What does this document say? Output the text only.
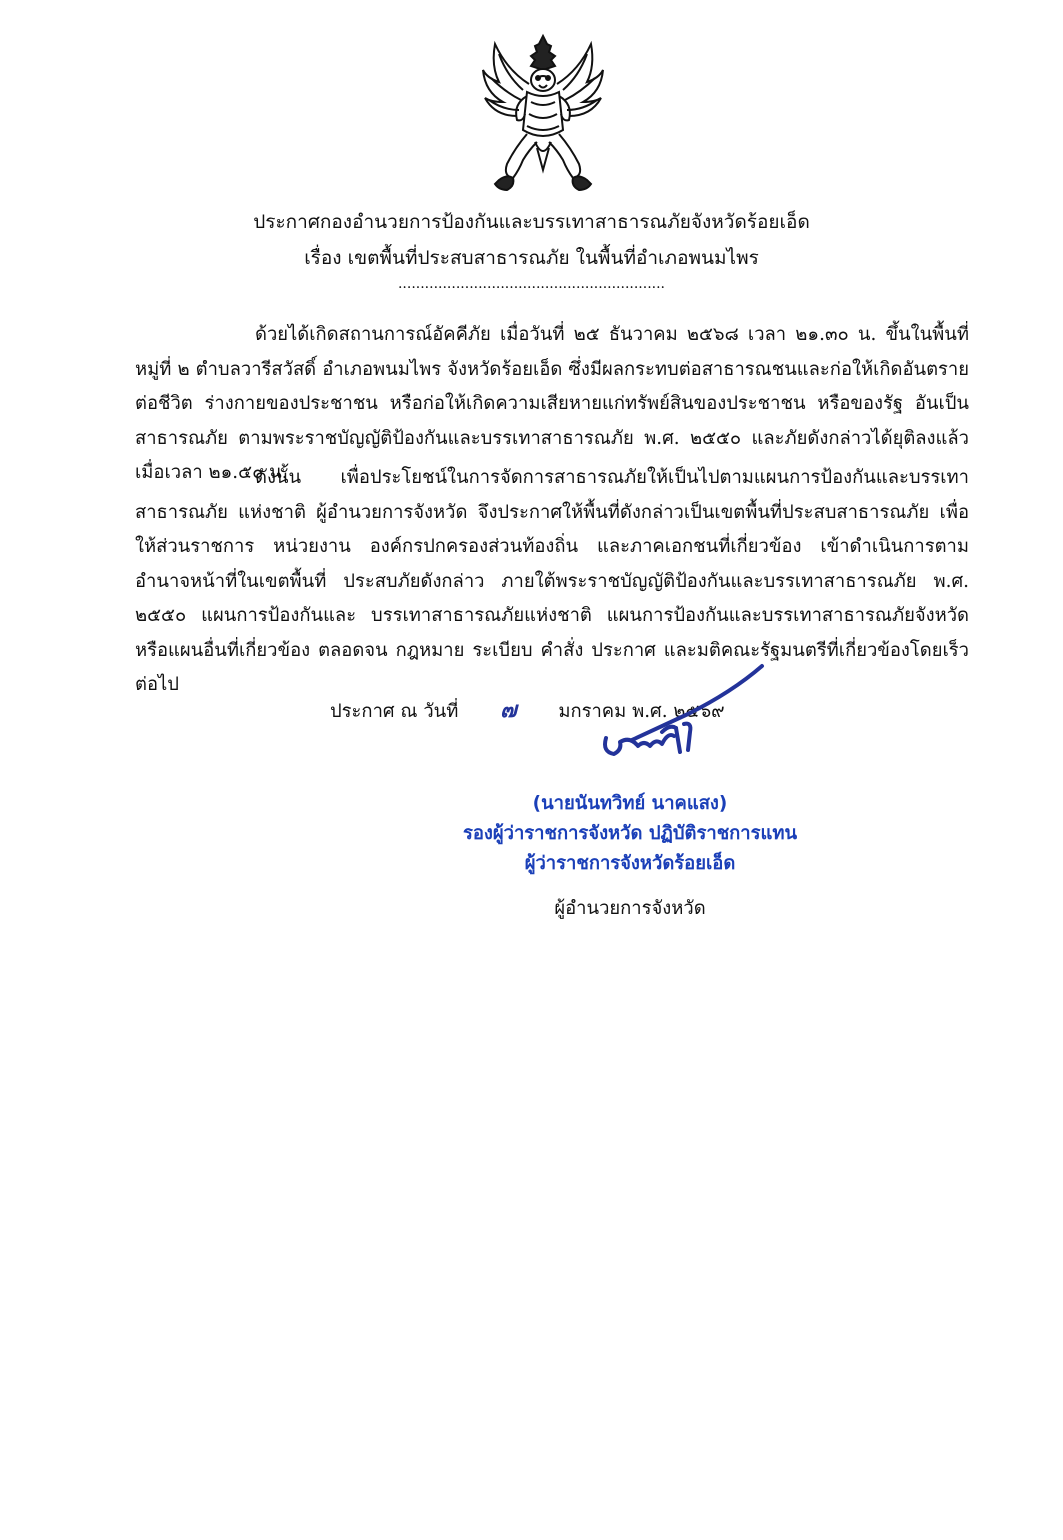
ประกาศกองอำนวยการป้องกันและบรรเทาสาธารณภัยจังหวัดร้อยเอ็ด
เรื่อง เขตพื้นที่ประสบสาธารณภัย ในพื้นที่อำเภอพนมไพร
............................................................
ด้วยได้เกิดสถานการณ์อัคคีภัย เมื่อวันที่ ๒๕ ธันวาคม ๒๕๖๘ เวลา ๒๑.๓๐ น. ขึ้นในพื้นที่ หมู่ที่ ๒ ตำบลวารีสวัสดิ์ อำเภอพนมไพร จังหวัดร้อยเอ็ด ซึ่งมีผลกระทบต่อสาธารณชนและก่อให้เกิดอันตรายต่อชีวิต ร่างกายของประชาชน หรือก่อให้เกิดความเสียหายแก่ทรัพย์สินของประชาชน หรือของรัฐ อันเป็นสาธารณภัย ตามพระราชบัญญัติป้องกันและบรรเทาสาธารณภัย พ.ศ. ๒๕๕๐ และภัยดังกล่าวได้ยุติลงแล้ว เมื่อเวลา ๒๑.๕๐ น.
ดังนั้น เพื่อประโยชน์ในการจัดการสาธารณภัยให้เป็นไปตามแผนการป้องกันและบรรเทาสาธารณภัย แห่งชาติ ผู้อำนวยการจังหวัด จึงประกาศให้พื้นที่ดังกล่าวเป็นเขตพื้นที่ประสบสาธารณภัย เพื่อให้ส่วนราชการ หน่วยงาน องค์กรปกครองส่วนท้องถิ่น และภาคเอกชนที่เกี่ยวข้อง เข้าดำเนินการตามอำนาจหน้าที่ในเขตพื้นที่ ประสบภัยดังกล่าว ภายใต้พระราชบัญญัติป้องกันและบรรเทาสาธารณภัย พ.ศ. ๒๕๕๐ แผนการป้องกันและ บรรเทาสาธารณภัยแห่งชาติ แผนการป้องกันและบรรเทาสาธารณภัยจังหวัด หรือแผนอื่นที่เกี่ยวข้อง ตลอดจน กฎหมาย ระเบียบ คำสั่ง ประกาศ และมติคณะรัฐมนตรีที่เกี่ยวข้องโดยเร็วต่อไป
ประกาศ ณ วันที่ ๗ มกราคม พ.ศ. ๒๕๖๙
(นายนันทวิทย์ นาคแสง)
รองผู้ว่าราชการจังหวัด ปฏิบัติราชการแทน
ผู้ว่าราชการจังหวัดร้อยเอ็ด
ผู้อำนวยการจังหวัด
